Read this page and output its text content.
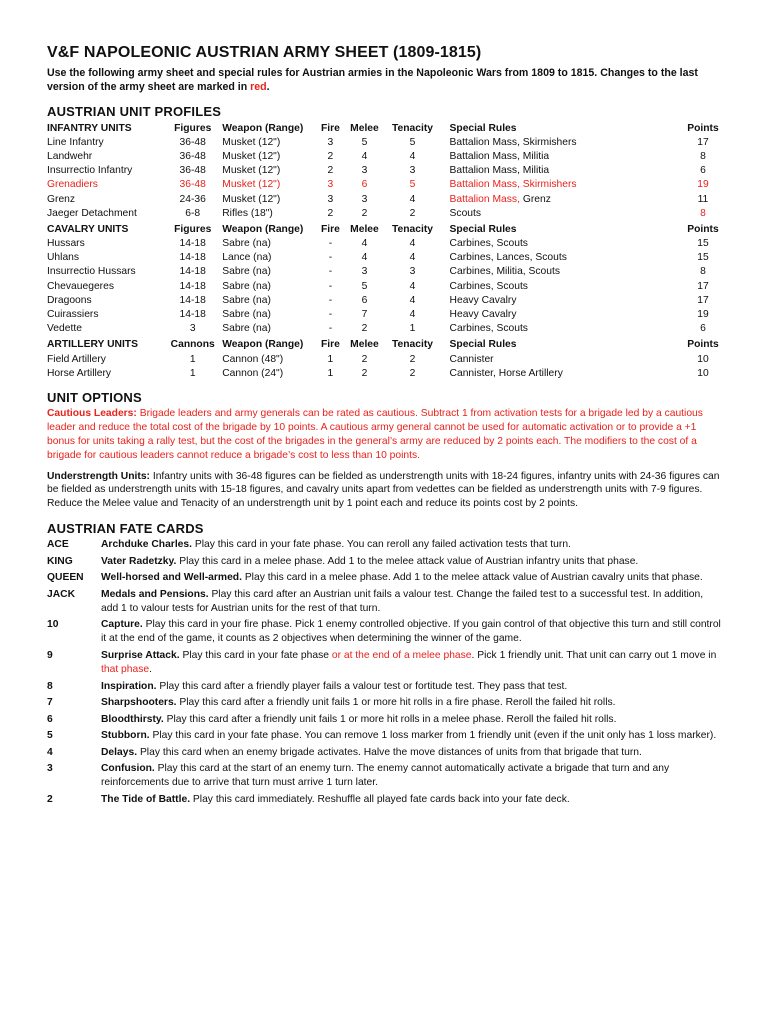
V&F NAPOLEONIC AUSTRIAN ARMY SHEET (1809-1815)

Use the following army sheet and special rules for Austrian armies in the Napoleonic Wars from 1809 to 1815. Changes to the last version of the army sheet are marked in red.

AUSTRIAN UNIT PROFILES
INFANTRY UNITS	Figures	Weapon (Range)	Fire	Melee	Tenacity	Special Rules	Points
Line Infantry	36-48	Musket (12")	3	5	5	Battalion Mass, Skirmishers	17
Landwehr	36-48	Musket (12")	2	4	4	Battalion Mass, Militia	8
Insurrectio Infantry	36-48	Musket (12")	2	3	3	Battalion Mass, Militia	6
Grenadiers	36-48	Musket (12")	3	6	5	Battalion Mass, Skirmishers	19
Grenz	24-36	Musket (12")	3	3	4	Battalion Mass, Grenz	11
Jaeger Detachment	6-8	Rifles (18")	2	2	2	Scouts	8
CAVALRY UNITS	Figures	Weapon (Range)	Fire	Melee	Tenacity	Special Rules	Points
Hussars	14-18	Sabre (na)	-	4	4	Carbines, Scouts	15
Uhlans	14-18	Lance (na)	-	4	4	Carbines, Lances, Scouts	15
Insurrectio Hussars	14-18	Sabre (na)	-	3	3	Carbines, Militia, Scouts	8
Chevauegeres	14-18	Sabre (na)	-	5	4	Carbines, Scouts	17
Dragoons	14-18	Sabre (na)	-	6	4	Heavy Cavalry	17
Cuirassiers	14-18	Sabre (na)	-	7	4	Heavy Cavalry	19
Vedette	3	Sabre (na)	-	2	1	Carbines, Scouts	6
ARTILLERY UNITS	Cannons	Weapon (Range)	Fire	Melee	Tenacity	Special Rules	Points
Field Artillery	1	Cannon (48")	1	2	2	Cannister	10
Horse Artillery	1	Cannon (24")	1	2	2	Cannister, Horse Artillery	10
UNIT OPTIONS

Cautious Leaders: Brigade leaders and army generals can be rated as cautious. Subtract 1 from activation tests for a brigade led by a cautious leader and reduce the total cost of the brigade by 10 points. A cautious army general cannot be used for automatic activation or to provide a +1 bonus for units taking a rally test, but the cost of the brigades in the general’s army are reduced by 2 points each. The modifiers to the cost of a brigade for cautious leaders cannot reduce a brigade’s cost to less than 10 points.

Understrength Units: Infantry units with 36-48 figures can be fielded as understrength units with 18-24 figures, infantry units with 24-36 figures can be fielded as understrength units with 15-18 figures, and cavalry units apart from vedettes can be fielded as understrength units with 7-9 figures. Reduce the Melee value and Tenacity of an understrength unit by 1 point each and reduce its points cost by 2 points.

AUSTRIAN FATE CARDS
ACE	Archduke Charles. Play this card in your fate phase. You can reroll any failed activation tests that turn.
KING	Vater Radetzky. Play this card in a melee phase. Add 1 to the melee attack value of Austrian infantry units that phase.
QUEEN	Well-horsed and Well-armed. Play this card in a melee phase. Add 1 to the melee attack value of Austrian cavalry units that phase.
JACK	Medals and Pensions. Play this card after an Austrian unit fails a valour test. Change the failed test to a successful test. In addition, add 1 to valour tests for Austrian units for the rest of that turn.
10	Capture. Play this card in your fire phase. Pick 1 enemy controlled objective. If you gain control of that objective this turn and still control it at the end of the game, it counts as 2 objectives when determining the winner of the game.
9	Surprise Attack. Play this card in your fate phase or at the end of a melee phase. Pick 1 friendly unit. That unit can carry out 1 move in that phase.
8	Inspiration. Play this card after a friendly player fails a valour test or fortitude test. They pass that test.
7	Sharpshooters. Play this card after a friendly unit fails 1 or more hit rolls in a fire phase. Reroll the failed hit rolls.
6	Bloodthirsty. Play this card after a friendly unit fails 1 or more hit rolls in a melee phase. Reroll the failed hit rolls.
5	Stubborn. Play this card in your fate phase. You can remove 1 loss marker from 1 friendly unit (even if the unit only has 1 loss marker).
4	Delays. Play this card when an enemy brigade activates. Halve the move distances of units from that brigade that turn.
3	Confusion. Play this card at the start of an enemy turn. The enemy cannot automatically activate a brigade that turn and any reinforcements due to arrive that turn must arrive 1 turn later.
2	The Tide of Battle. Play this card immediately. Reshuffle all played fate cards back into your fate deck.
